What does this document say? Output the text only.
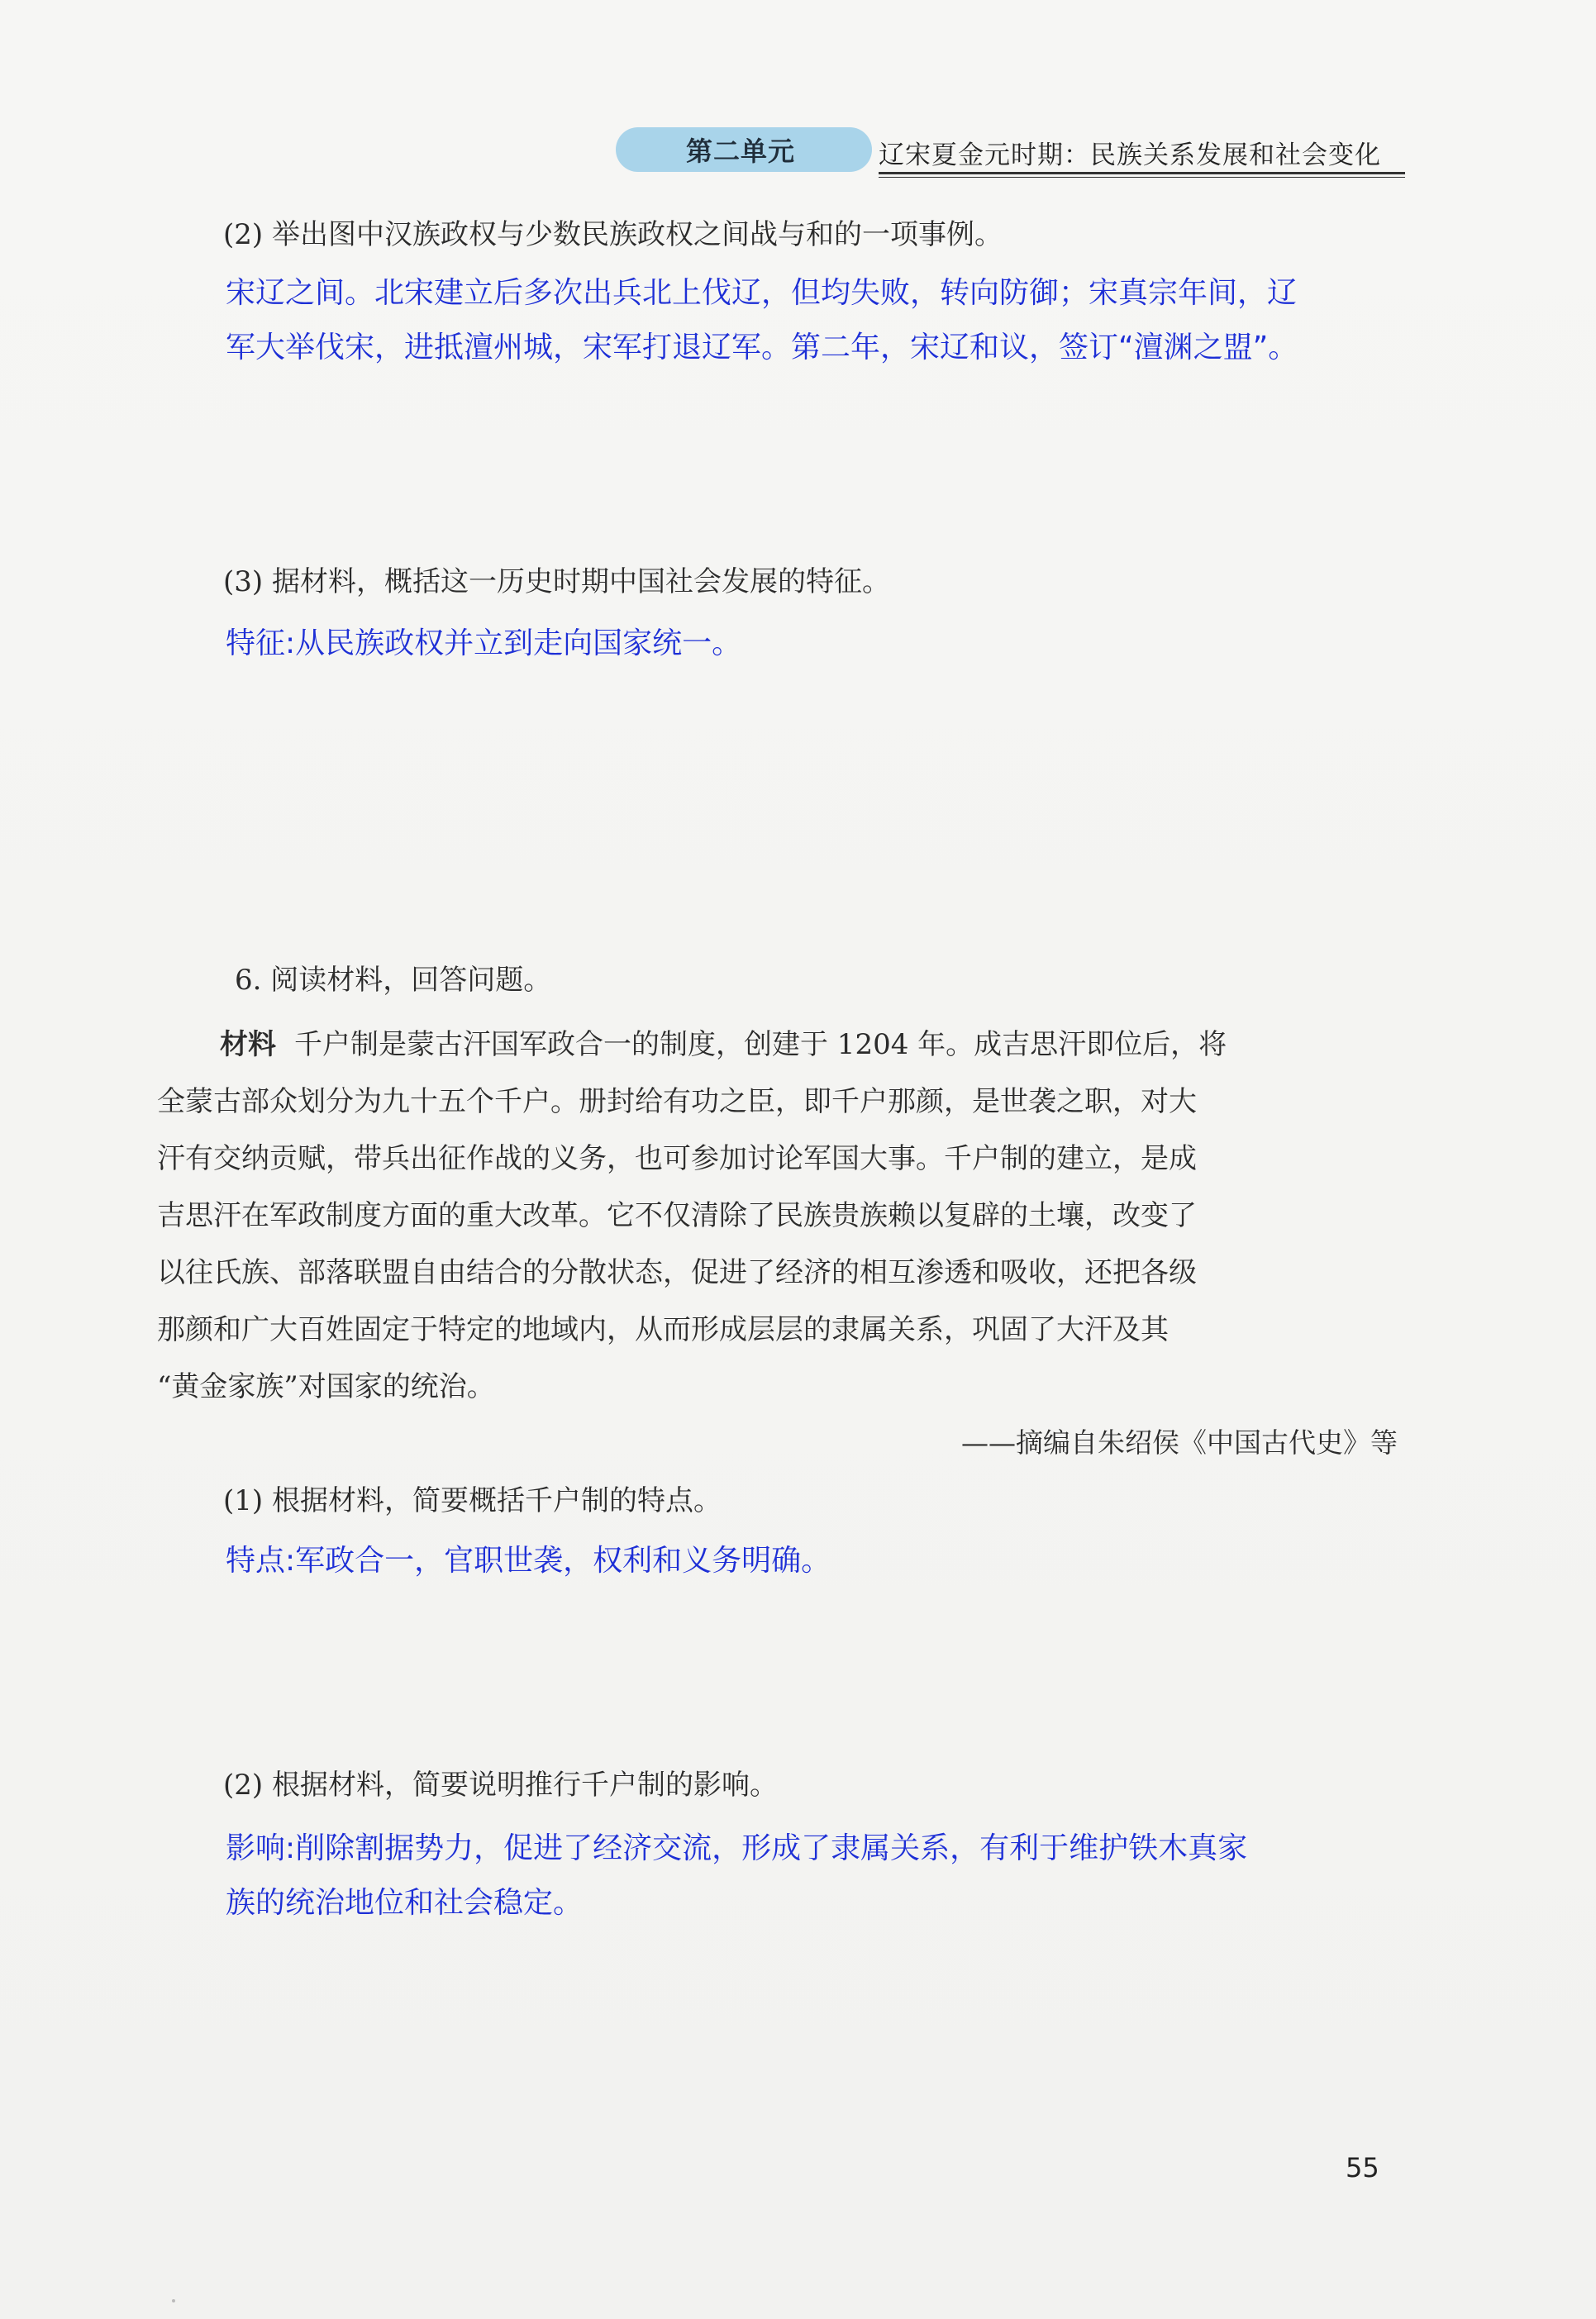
第二单元	辽宋夏金元时期：民族关系发展和社会变化
(2) 举出图中汉族政权与少数民族政权之间战与和的一项事例。

宋辽之间。北宋建立后多次出兵北上伐辽，但均失败，转向防御；宋真宗年间，辽

军大举伐宋，进抵澶州城，宋军打退辽军。第二年，宋辽和议，签订“澶渊之盟”。

(3) 据材料，概括这一历史时期中国社会发展的特征。

特征:从民族政权并立到走向国家统一。

6. 阅读材料，回答问题。

材料 千户制是蒙古汗国军政合一的制度，创建于 1204 年。成吉思汗即位后，将

全蒙古部众划分为九十五个千户。册封给有功之臣，即千户那颜，是世袭之职，对大

汗有交纳贡赋，带兵出征作战的义务，也可参加讨论军国大事。千户制的建立，是成

吉思汗在军政制度方面的重大改革。它不仅清除了民族贵族赖以复辟的土壤，改变了

以往氏族、部落联盟自由结合的分散状态，促进了经济的相互渗透和吸收，还把各级

那颜和广大百姓固定于特定的地域内，从而形成层层的隶属关系，巩固了大汗及其

“黄金家族”对国家的统治。

——摘编自朱绍侯《中国古代史》等
(1) 根据材料，简要概括千户制的特点。

特点:军政合一，官职世袭，权利和义务明确。

(2) 根据材料，简要说明推行千户制的影响。

影响:削除割据势力，促进了经济交流，形成了隶属关系，有利于维护铁木真家

族的统治地位和社会稳定。

55
